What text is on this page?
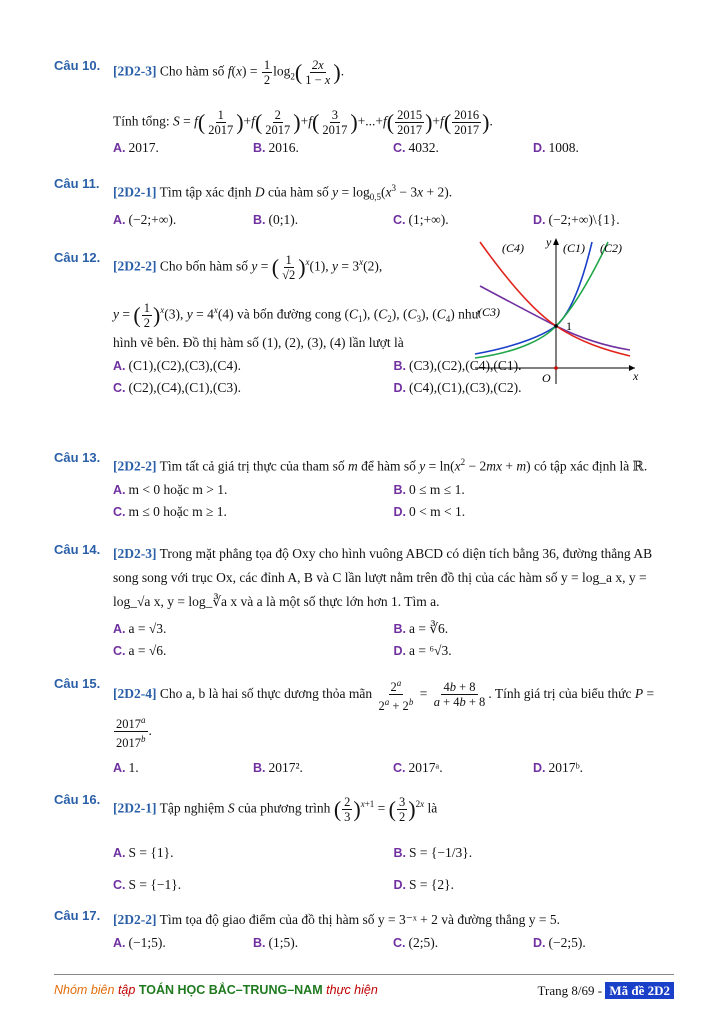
Câu 10. [2D2-3] Cho hàm số $f(x) = \frac{1}{2} \log_2( \frac{2x}{1 - x}$ ).
Tính tổng: $S = f( \frac{1}{2017} )+f( \frac{2}{2017} )+f( \frac{3}{2017} )+...+f( \frac{2015}{2017} )+f( \frac{2016}{2017}$ ).
A. 2017.	B. 2016.	C. 4032.	D. 1008.
Câu 11.
[2D2-1] Tìm tập xác định D của hàm số $y = \log_{0,5}(x^3 - 3x + 2)$.
A. (−2;+∞).	B. (0;1).	C. (1;+∞).	D. (−2;+∞)\{1}.
Câu 12.
[2D2-2] Cho bốn hàm số y = ( $\frac{1}{√2} )^x(1)$, $y = 3^x(2)$,
y = ( $\frac{1}{2} )^x(3)$, $y = 4^x(4)$ và bốn đường cong $(C_1)$, $(C_2)$, $(C_3)$, $(C_4)$ như hình vẽ bên. Đồ thị hàm số (1), (2), (3), (4) lần lượt là
A. (C1),(C2),(C3),(C4).	B. (C3),(C2),(C4),(C1).
C. (C2),(C4),(C1),(C3).	D. (C4),(C1),(C3),(C2).
(C4) y (C1) (C2)
(C3)
1
O	x
Câu 13.
[2D2-2] Tìm tất cả giá trị thực của tham số m để hàm số $y = \ln(x^2 - 2mx + m)$ có tập xác định là ℝ.
A. m < 0 hoặc m > 1.	B. 0 ≤ m ≤ 1.
C. m ≤ 0 hoặc m ≥ 1.	D. 0 < m < 1.
Câu 14. [2D2-3] Trong mặt phẳng tọa độ Oxy cho hình vuông ABCD có diện tích bằng 36, đường thẳng AB song song với trục Ox, các đỉnh A, B và C lần lượt nằm trên đồ thị của các hàm số y = log_a x, y = log_√a x, y = log_∛a x và a là một số thực lớn hơn 1. Tìm a.
A. a = √3.	B. a = ∛6.
C. a = √6.	D. a = ⁶√3.
Câu 15.
[2D2-4] Cho a, b là hai số thực dương thỏa mãn $\frac{2^a}{2^a + 2^b} = \frac{4b + 8}{a + 4b + 8}$ . Tính giá trị của biểu thức P =
$\frac{2017^a}{2017^b}$ .
A. 1.	B. 2017².	C. 2017ᵃ.	D. 2017ᵇ.
Câu 16.
[2D2-1] Tập nghiệm S của phương trình ( $\frac{2}{3} )^{x+1}$ = ( $\frac{3}{2} )^{2x}$ là
A. S = {1}.	B. S = {−1/3}.
C. S = {−1}.	D. S = {2}.
Câu 17. [2D2-2] Tìm tọa độ giao điểm của đồ thị hàm số y = 3⁻ˣ + 2 và đường thẳng y = 5.
A. (−1;5).	B. (1;5).	C. (2;5).	D. (−2;5).
Nhóm biên tập TOÁN HỌC BẮC–TRUNG–NAM thực hiện	Trang 8/69 - Mã đề 2D2
